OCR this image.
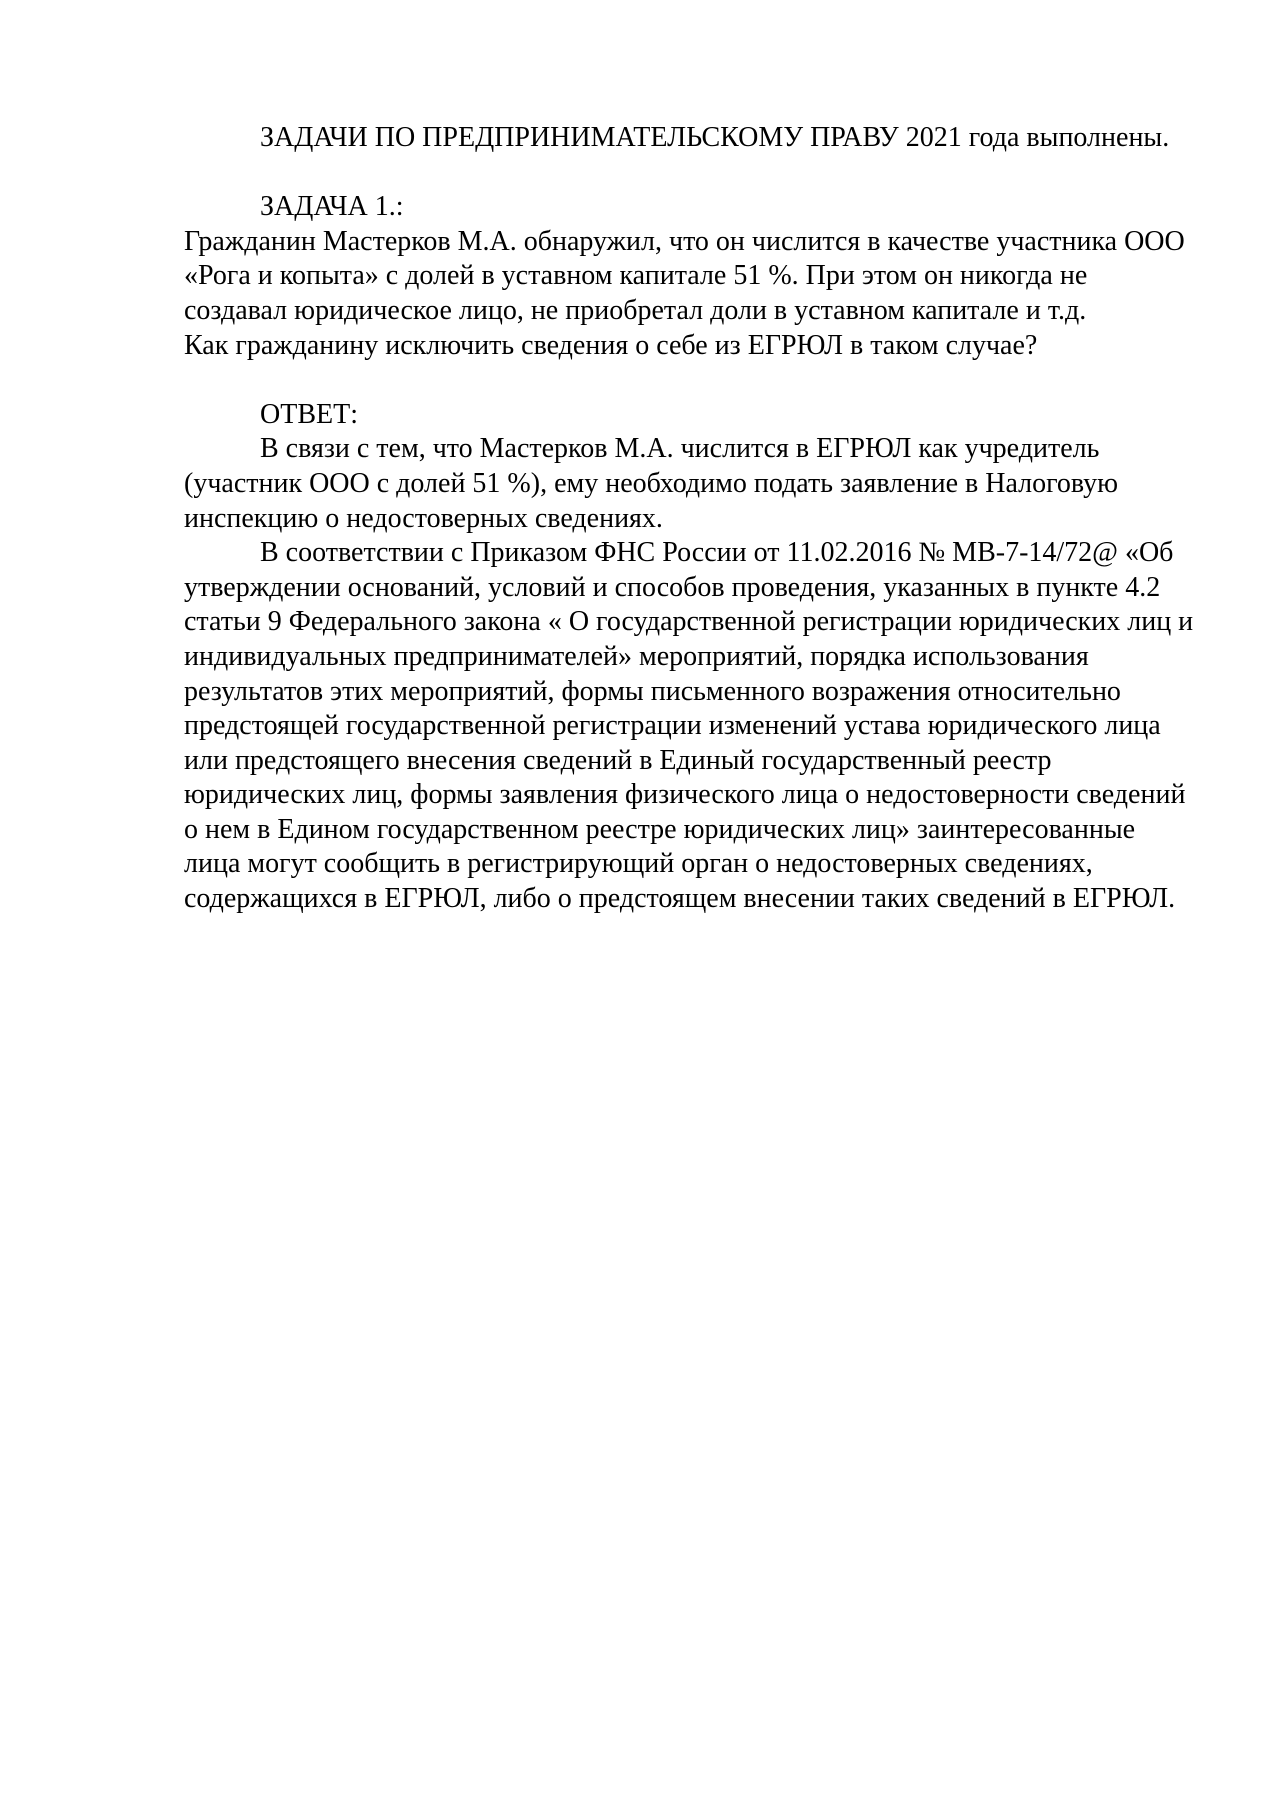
ЗАДАЧИ ПО ПРЕДПРИНИМАТЕЛЬСКОМУ ПРАВУ 2021 года выполнены.

ЗАДАЧА 1.:

Гражданин Мастерков М.А. обнаружил, что он числится в качестве участника ООО «Рога и копыта» с долей в уставном капитале 51 %. При этом он никогда не создавал юридическое лицо, не приобретал доли в уставном капитале и т.д.

Как гражданину исключить сведения о себе из ЕГРЮЛ в таком случае?

ОТВЕТ:

В связи с тем, что Мастерков М.А. числится в ЕГРЮЛ как учредитель (участник ООО с долей 51 %), ему необходимо подать заявление в Налоговую инспекцию о недостоверных сведениях.

В соответствии с Приказом ФНС России от 11.02.2016 № МВ-7-14/72@ «Об утверждении оснований, условий и способов проведения, указанных в пункте 4.2 статьи 9 Федерального закона « О государственной регистрации юридических лиц и индивидуальных предпринимателей» мероприятий, порядка использования результатов этих мероприятий, формы письменного возражения относительно предстоящей государственной регистрации изменений устава юридического лица или предстоящего внесения сведений в Единый государственный реестр юридических лиц, формы заявления физического лица о недостоверности сведений о нем в Едином государственном реестре юридических лиц» заинтересованные лица могут сообщить в регистрирующий орган о недостоверных сведениях, содержащихся в ЕГРЮЛ, либо о предстоящем внесении таких сведений в ЕГРЮЛ.
